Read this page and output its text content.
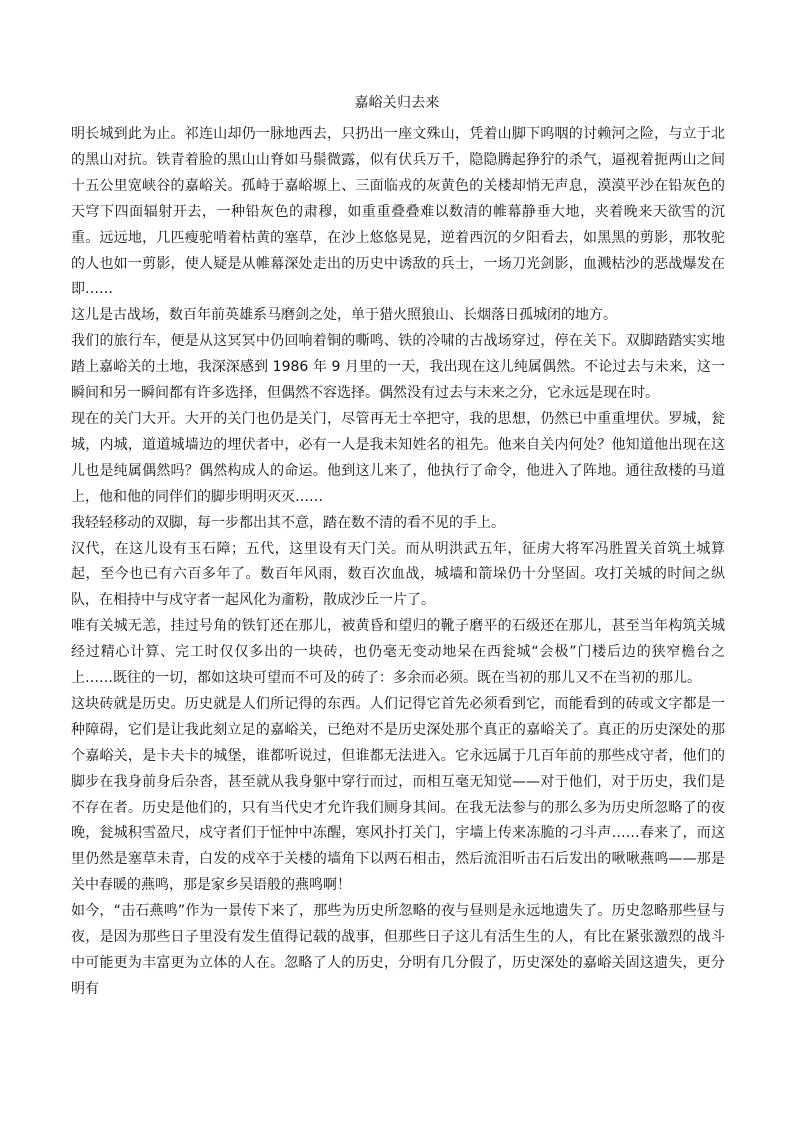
嘉峪关归去来

明长城到此为止。祁连山却仍一脉地西去，只扔出一座文殊山，凭着山脚下呜咽的讨赖河之险，与立于北的黑山对抗。铁青着脸的黑山山脊如马鬃微露，似有伏兵万千，隐隐腾起狰狞的杀气，逼视着扼两山之间十五公里宽峡谷的嘉峪关。孤峙于嘉峪塬上、三面临戎的灰黄色的关楼却悄无声息，漠漠平沙在铅灰色的天穹下四面辐射开去，一种铅灰色的肃穆，如重重叠叠难以数清的帷幕静垂大地，夹着晚来天欲雪的沉重。远远地，几匹瘦驼啃着枯黄的塞草，在沙上悠悠晃晃，逆着西沉的夕阳看去，如黑黑的剪影，那牧驼的人也如一剪影，使人疑是从帷幕深处走出的历史中诱敌的兵士，一场刀光剑影，血溅枯沙的恶战爆发在即……

这儿是古战场，数百年前英雄系马磨剑之处，单于猎火照狼山、长烟落日孤城闭的地方。

我们的旅行车，便是从这冥冥中仍回响着铜的嘶鸣、铁的冷啸的古战场穿过，停在关下。双脚踏踏实实地踏上嘉峪关的土地，我深深感到 1986 年 9 月里的一天，我出现在这儿纯属偶然。不论过去与未来，这一瞬间和另一瞬间都有许多选择，但偶然不容选择。偶然没有过去与未来之分，它永远是现在时。

现在的关门大开。大开的关门也仍是关门，尽管再无士卒把守，我的思想，仍然已中重重埋伏。罗城，瓮城，内城，道道城墙边的埋伏者中，必有一人是我未知姓名的祖先。他来自关内何处？他知道他出现在这儿也是纯属偶然吗？偶然构成人的命运。他到这儿来了，他执行了命令，他进入了阵地。通往敌楼的马道上，他和他的同伴们的脚步明明灭灭……

我轻轻移动的双脚，每一步都出其不意，踏在数不清的看不见的手上。

汉代，在这儿设有玉石障；五代，这里设有天门关。而从明洪武五年，征虏大将军冯胜置关首筑土城算起，至今也已有六百多年了。数百年风雨，数百次血战，城墙和箭垛仍十分坚固。攻打关城的时间之纵队，在相持中与戍守者一起风化为齑粉，散成沙丘一片了。

唯有关城无恙，挂过号角的铁钉还在那儿，被黄昏和望归的靴子磨平的石级还在那儿，甚至当年构筑关城经过精心计算、完工时仅仅多出的一块砖，也仍毫无变动地呆在西瓮城“会极”门楼后边的狭窄檐台之上……既往的一切，都如这块可望而不可及的砖了：多余而必须。既在当初的那儿又不在当初的那儿。

这块砖就是历史。历史就是人们所记得的东西。人们记得它首先必须看到它，而能看到的砖或文字都是一种障碍，它们是让我此刻立足的嘉峪关，已绝对不是历史深处那个真正的嘉峪关了。真正的历史深处的那个嘉峪关，是卡夫卡的城堡，谁都听说过，但谁都无法进入。它永远属于几百年前的那些戍守者，他们的脚步在我身前身后杂沓，甚至就从我身躯中穿行而过，而相互毫无知觉——对于他们，对于历史，我们是不存在者。历史是他们的，只有当代史才允许我们厕身其间。在我无法参与的那么多为历史所忽略了的夜晚，瓮城积雪盈尺，戍守者们于怔忡中冻醒，寒风扑打关门，宇墙上传来冻脆的刁斗声……春来了，而这里仍然是塞草未青，白发的戍卒于关楼的墙角下以两石相击，然后流泪听击石后发出的啾啾燕鸣——那是关中春暖的燕鸣，那是家乡吴语般的燕鸣啊！

如今，“击石燕鸣”作为一景传下来了，那些为历史所忽略的夜与昼则是永远地遗失了。历史忽略那些昼与夜，是因为那些日子里没有发生值得记载的战事，但那些日子这儿有活生生的人，有比在紧张激烈的战斗中可能更为丰富更为立体的人在。忽略了人的历史，分明有几分假了，历史深处的嘉峪关固这遗失，更分明有
